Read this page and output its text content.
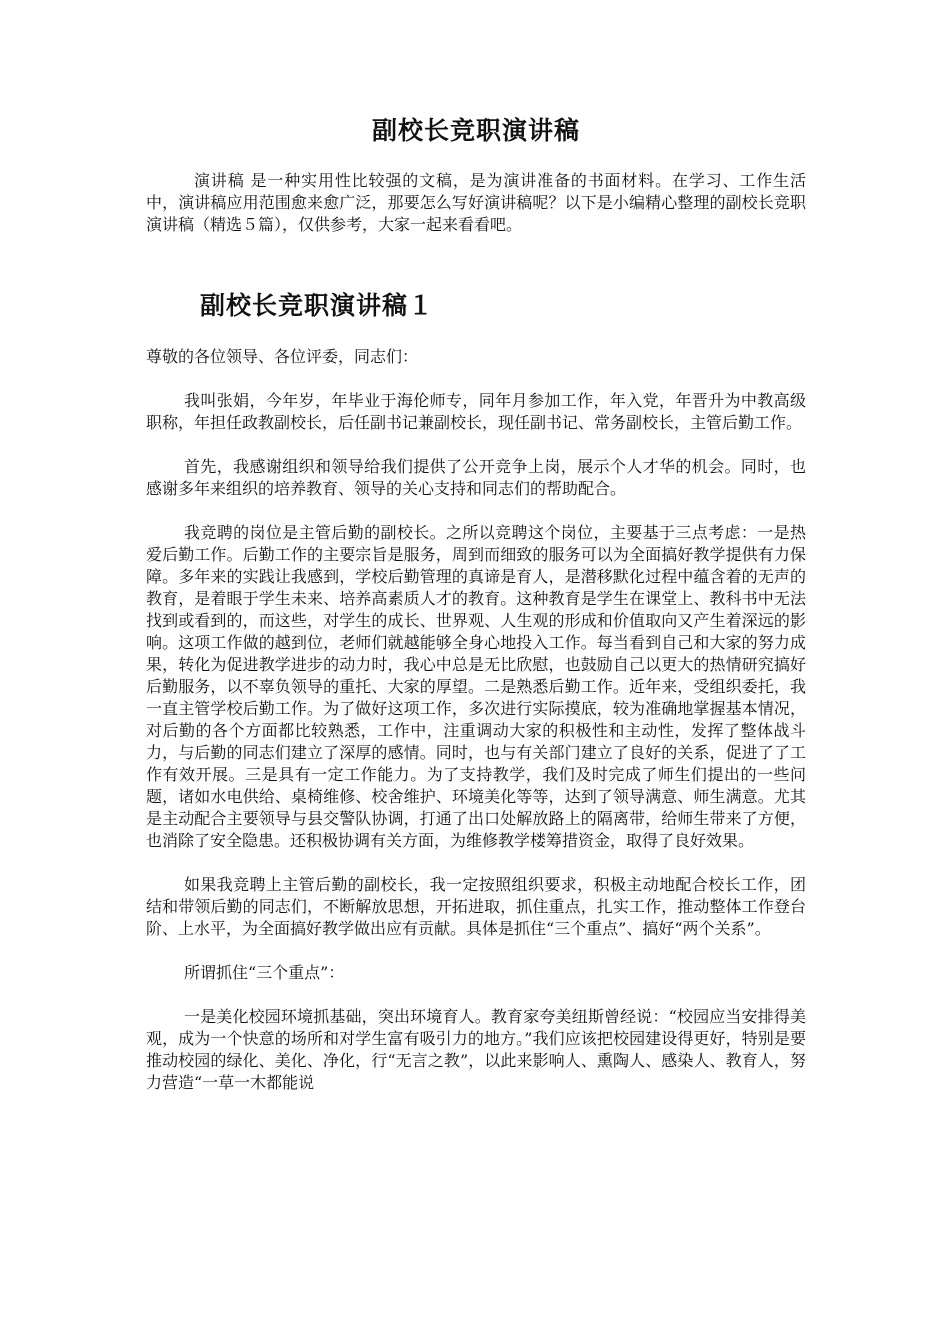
副校长竞职演讲稿

演讲稿 是一种实用性比较强的文稿，是为演讲准备的书面材料。在学习、工作生活中，演讲稿应用范围愈来愈广泛，那要怎么写好演讲稿呢？以下是小编精心整理的副校长竞职演讲稿（精选５篇），仅供参考，大家一起来看看吧。

副校长竞职演讲稿１

尊敬的各位领导、各位评委，同志们：

我叫张娟，今年岁，年毕业于海伦师专，同年月参加工作，年入党，年晋升为中教高级职称，年担任政教副校长，后任副书记兼副校长，现任副书记、常务副校长，主管后勤工作。

首先，我感谢组织和领导给我们提供了公开竞争上岗，展示个人才华的机会。同时，也感谢多年来组织的培养教育、领导的关心支持和同志们的帮助配合。

我竞聘的岗位是主管后勤的副校长。之所以竞聘这个岗位，主要基于三点考虑：一是热爱后勤工作。后勤工作的主要宗旨是服务，周到而细致的服务可以为全面搞好教学提供有力保障。多年来的实践让我感到，学校后勤管理的真谛是育人，是潜移默化过程中蕴含着的无声的教育，是着眼于学生未来、培养高素质人才的教育。这种教育是学生在课堂上、教科书中无法找到或看到的，而这些，对学生的成长、世界观、人生观的形成和价值取向又产生着深远的影响。这项工作做的越到位，老师们就越能够全身心地投入工作。每当看到自己和大家的努力成果，转化为促进教学进步的动力时，我心中总是无比欣慰，也鼓励自己以更大的热情研究搞好后勤服务，以不辜负领导的重托、大家的厚望。二是熟悉后勤工作。近年来，受组织委托，我一直主管学校后勤工作。为了做好这项工作，多次进行实际摸底，较为准确地掌握基本情况，对后勤的各个方面都比较熟悉，工作中，注重调动大家的积极性和主动性，发挥了整体战斗力，与后勤的同志们建立了深厚的感情。同时，也与有关部门建立了良好的关系，促进了了工作有效开展。三是具有一定工作能力。为了支持教学，我们及时完成了师生们提出的一些问题，诸如水电供给、桌椅维修、校舍维护、环境美化等等，达到了领导满意、师生满意。尤其是主动配合主要领导与县交警队协调，打通了出口处解放路上的隔离带，给师生带来了方便，也消除了安全隐患。还积极协调有关方面，为维修教学楼筹措资金，取得了良好效果。

如果我竞聘上主管后勤的副校长，我一定按照组织要求，积极主动地配合校长工作，团结和带领后勤的同志们，不断解放思想，开拓进取，抓住重点，扎实工作，推动整体工作登台阶、上水平，为全面搞好教学做出应有贡献。具体是抓住“三个重点”、搞好“两个关系”。

所谓抓住“三个重点”：

一是美化校园环境抓基础，突出环境育人。教育家夸美纽斯曾经说：“校园应当安排得美观，成为一个快意的场所和对学生富有吸引力的地方。”我们应该把校园建设得更好，特别是要推动校园的绿化、美化、净化，行“无言之教”，以此来影响人、熏陶人、感染人、教育人，努力营造“一草一木都能说
